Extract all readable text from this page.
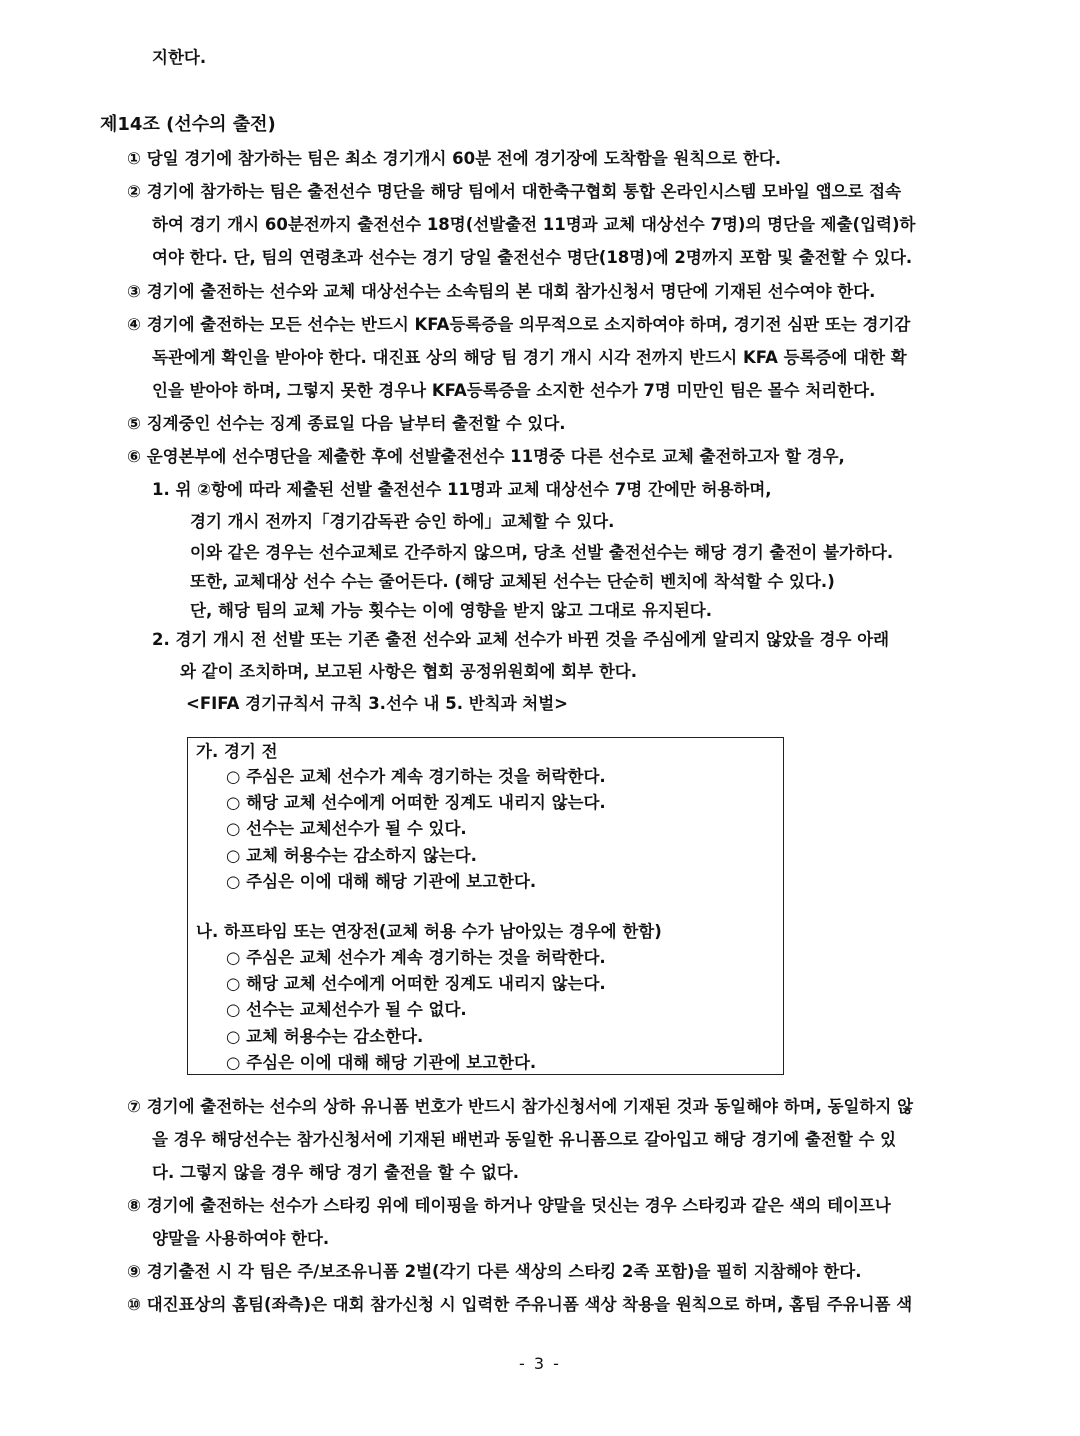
지한다.
제14조 (선수의 출전)
① 당일 경기에 참가하는 팀은 최소 경기개시 60분 전에 경기장에 도착함을 원칙으로 한다.
② 경기에 참가하는 팀은 출전선수 명단을 해당 팀에서 대한축구협회 통합 온라인시스템 모바일 앱으로 접속
하여 경기 개시 60분전까지 출전선수 18명(선발출전 11명과 교체 대상선수 7명)의 명단을 제출(입력)하
여야 한다. 단, 팀의 연령초과 선수는 경기 당일 출전선수 명단(18명)에 2명까지 포함 및 출전할 수 있다.
③ 경기에 출전하는 선수와 교체 대상선수는 소속팀의 본 대회 참가신청서 명단에 기재된 선수여야 한다.
④ 경기에 출전하는 모든 선수는 반드시 KFA등록증을 의무적으로 소지하여야 하며, 경기전 심판 또는 경기감
독관에게 확인을 받아야 한다. 대진표 상의 해당 팀 경기 개시 시각 전까지 반드시 KFA 등록증에 대한 확
인을 받아야 하며, 그렇지 못한 경우나 KFA등록증을 소지한 선수가 7명 미만인 팀은 몰수 처리한다.
⑤ 징계중인 선수는 징계 종료일 다음 날부터 출전할 수 있다.
⑥ 운영본부에 선수명단을 제출한 후에 선발출전선수 11명중 다른 선수로 교체 출전하고자 할 경우,
1. 위 ②항에 따라 제출된 선발 출전선수 11명과 교체 대상선수 7명 간에만 허용하며,
경기 개시 전까지「경기감독관 승인 하에」교체할 수 있다.
이와 같은 경우는 선수교체로 간주하지 않으며, 당초 선발 출전선수는 해당 경기 출전이 불가하다.
또한, 교체대상 선수 수는 줄어든다. (해당 교체된 선수는 단순히 벤치에 착석할 수 있다.)
단, 해당 팀의 교체 가능 횟수는 이에 영향을 받지 않고 그대로 유지된다.
2. 경기 개시 전 선발 또는 기존 출전 선수와 교체 선수가 바뀐 것을 주심에게 알리지 않았을 경우 아래
와 같이 조치하며, 보고된 사항은 협회 공정위원회에 회부 한다.
<FIFA 경기규칙서 규칙 3.선수 내 5. 반칙과 처벌>
가. 경기 전
○ 주심은 교체 선수가 계속 경기하는 것을 허락한다.
○ 해당 교체 선수에게 어떠한 징계도 내리지 않는다.
○ 선수는 교체선수가 될 수 있다.
○ 교체 허용수는 감소하지 않는다.
○ 주심은 이에 대해 해당 기관에 보고한다.
나. 하프타임 또는 연장전(교체 허용 수가 남아있는 경우에 한함)
○ 주심은 교체 선수가 계속 경기하는 것을 허락한다.
○ 해당 교체 선수에게 어떠한 징계도 내리지 않는다.
○ 선수는 교체선수가 될 수 없다.
○ 교체 허용수는 감소한다.
○ 주심은 이에 대해 해당 기관에 보고한다.
⑦ 경기에 출전하는 선수의 상하 유니폼 번호가 반드시 참가신청서에 기재된 것과 동일해야 하며, 동일하지 않
을 경우 해당선수는 참가신청서에 기재된 배번과 동일한 유니폼으로 갈아입고 해당 경기에 출전할 수 있
다. 그렇지 않을 경우 해당 경기 출전을 할 수 없다.
⑧ 경기에 출전하는 선수가 스타킹 위에 테이핑을 하거나 양말을 덧신는 경우 스타킹과 같은 색의 테이프나
양말을 사용하여야 한다.
⑨ 경기출전 시 각 팀은 주/보조유니폼 2벌(각기 다른 색상의 스타킹 2족 포함)을 필히 지참해야 한다.
⑩ 대진표상의 홈팀(좌측)은 대회 참가신청 시 입력한 주유니폼 색상 착용을 원칙으로 하며, 홈팀 주유니폼 색
- 3 -
